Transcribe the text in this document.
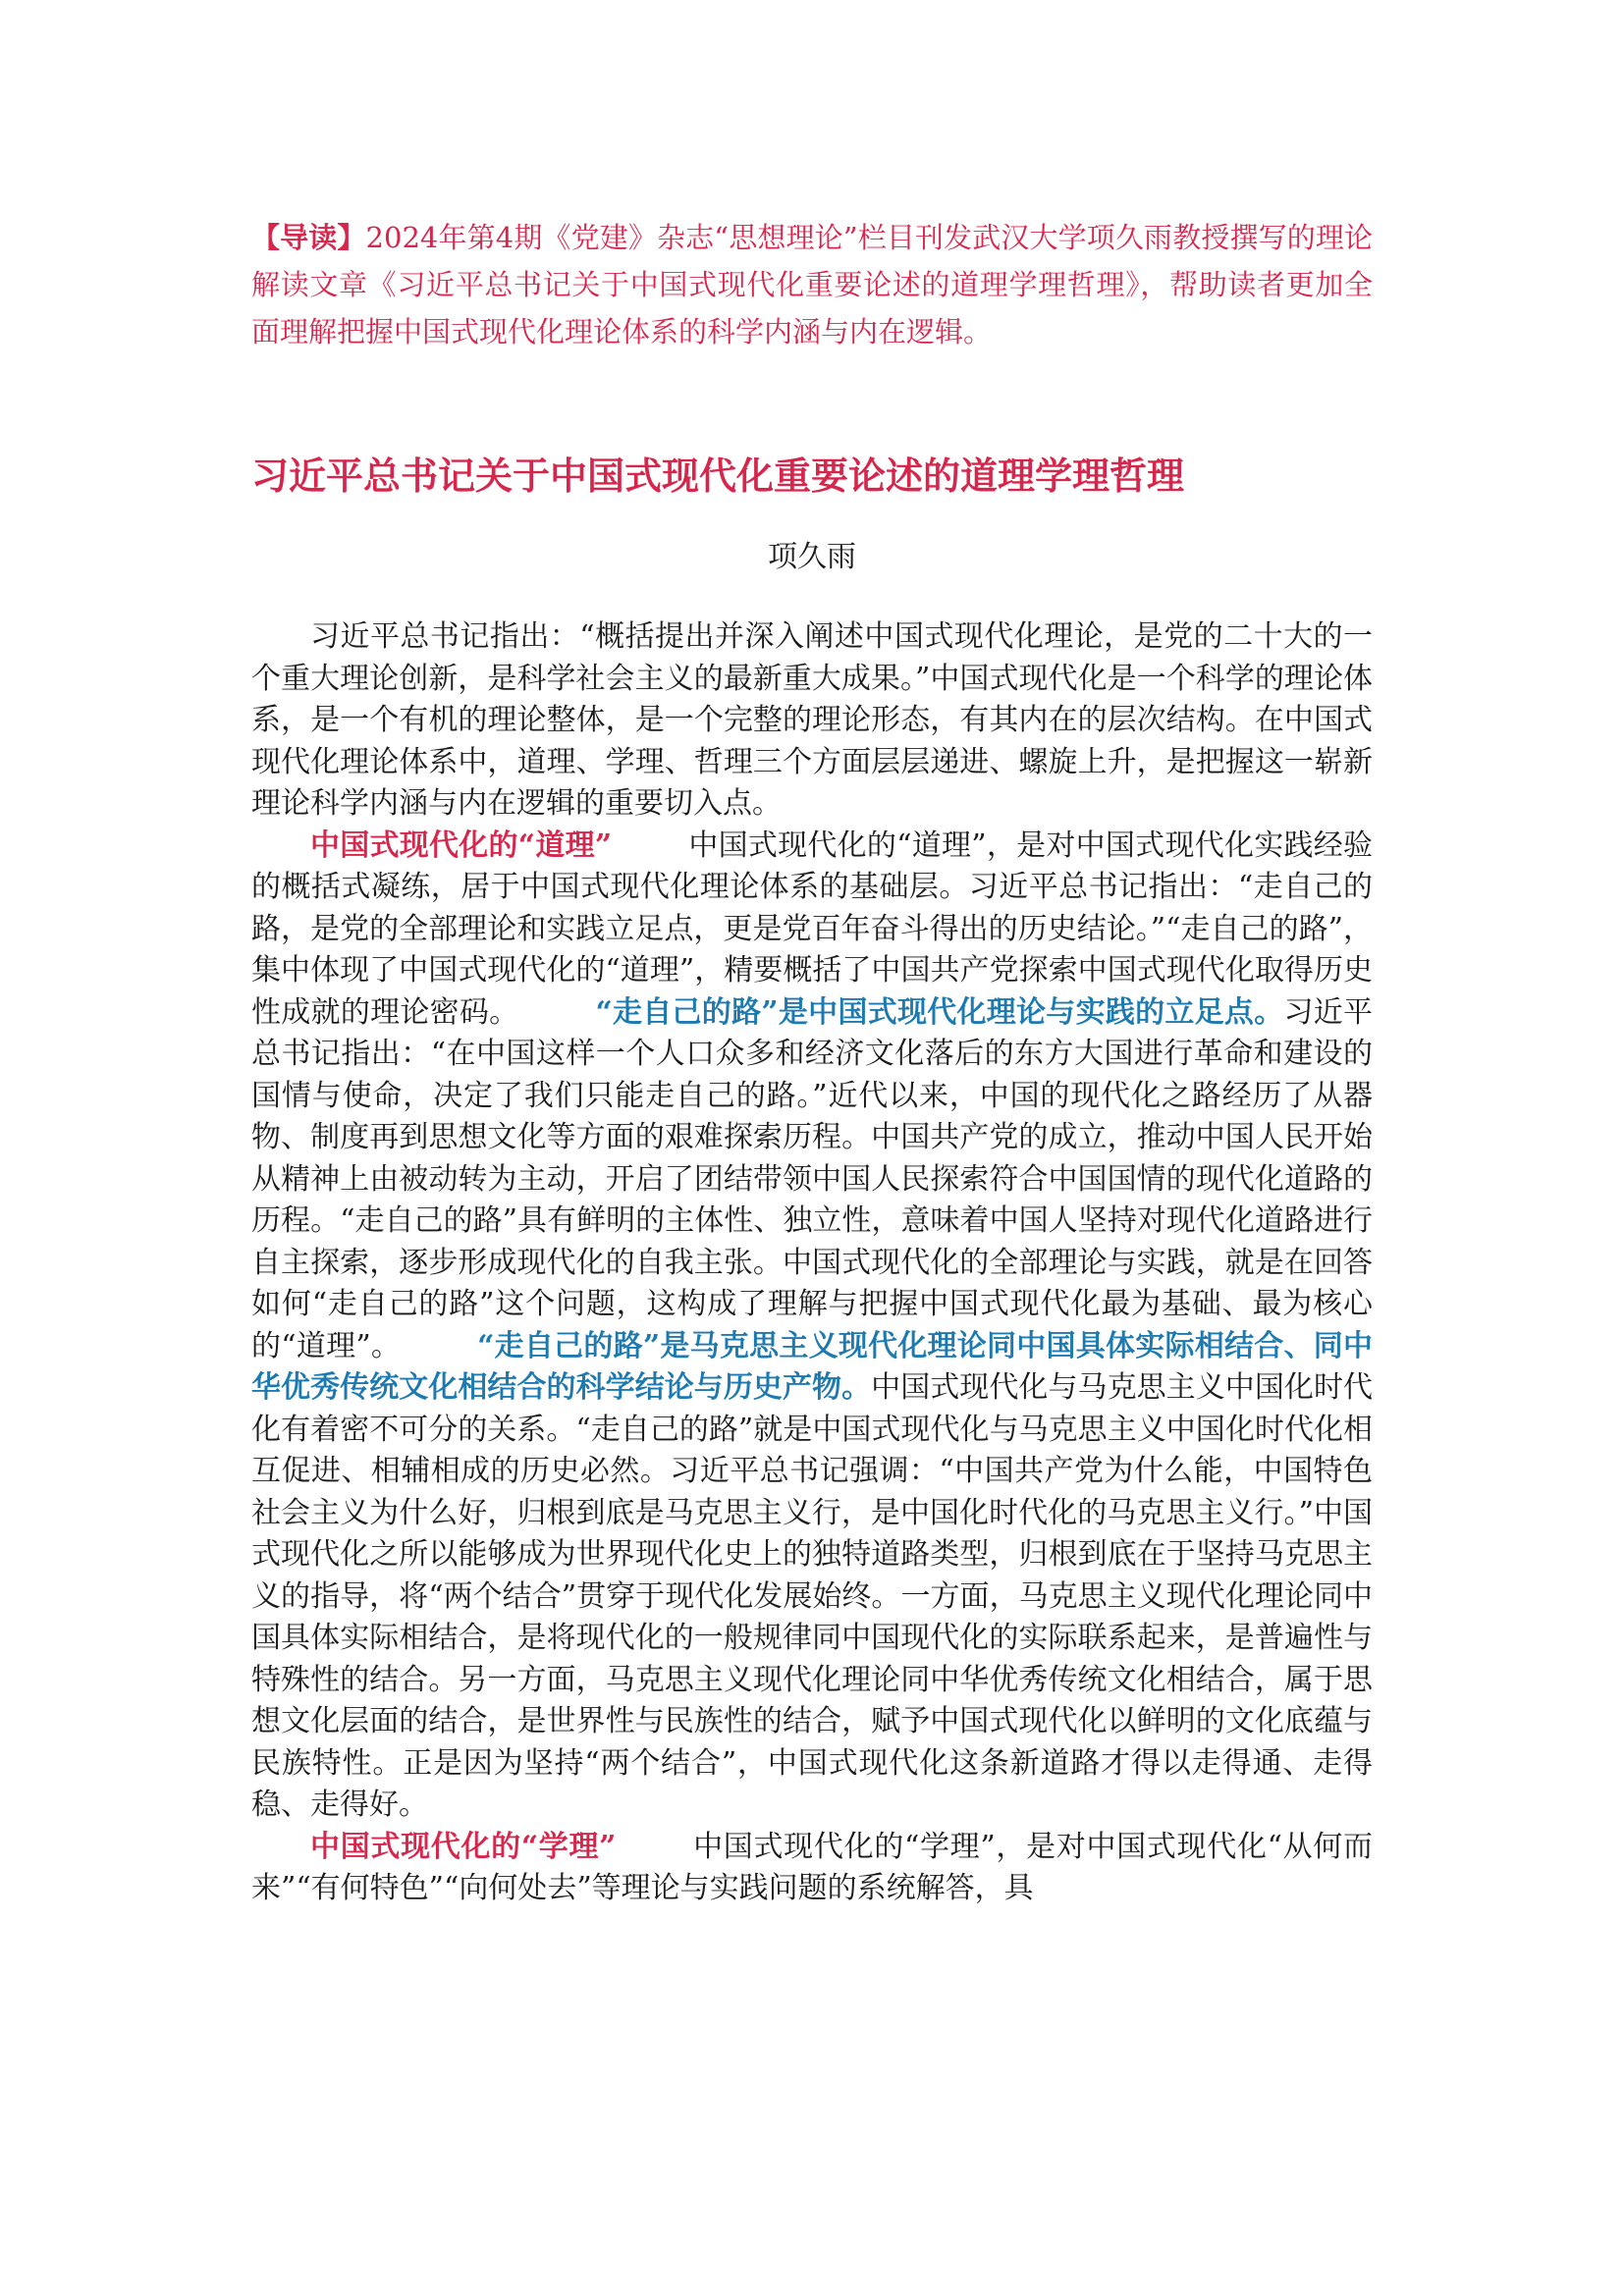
【导读】2024年第4期《党建》杂志“思想理论”栏目刊发武汉大学项久雨教授撰写的理论解读文章《习近平总书记关于中国式现代化重要论述的道理学理哲理》，帮助读者更加全面理解把握中国式现代化理论体系的科学内涵与内在逻辑。

习近平总书记关于中国式现代化重要论述的道理学理哲理
项久雨

习近平总书记指出：“概括提出并深入阐述中国式现代化理论，是党的二十大的一个重大理论创新，是科学社会主义的最新重大成果。”中国式现代化是一个科学的理论体系，是一个有机的理论整体，是一个完整的理论形态，有其内在的层次结构。在中国式现代化理论体系中，道理、学理、哲理三个方面层层递进、螺旋上升，是把握这一崭新理论科学内涵与内在逻辑的重要切入点。

中国式现代化的“道理”	中国式现代化的“道理”，是对中国式现代化实践经验的概括式凝练，居于中国式现代化理论体系的基础层。习近平总书记指出：“走自己的路，是党的全部理论和实践立足点，更是党百年奋斗得出的历史结论。”“走自己的路”，集中体现了中国式现代化的“道理”，精要概括了中国共产党探索中国式现代化取得历史性成就的理论密码。	“走自己的路”是中国式现代化理论与实践的立足点。习近平总书记指出：“在中国这样一个人口众多和经济文化落后的东方大国进行革命和建设的国情与使命，决定了我们只能走自己的路。”近代以来，中国的现代化之路经历了从器物、制度再到思想文化等方面的艰难探索历程。中国共产党的成立，推动中国人民开始从精神上由被动转为主动，开启了团结带领中国人民探索符合中国国情的现代化道路的历程。“走自己的路”具有鲜明的主体性、独立性，意味着中国人坚持对现代化道路进行自主探索，逐步形成现代化的自我主张。中国式现代化的全部理论与实践，就是在回答如何“走自己的路”这个问题，这构成了理解与把握中国式现代化最为基础、最为核心的“道理”。	“走自己的路”是马克思主义现代化理论同中国具体实际相结合、同中华优秀传统文化相结合的科学结论与历史产物。中国式现代化与马克思主义中国化时代化有着密不可分的关系。“走自己的路”就是中国式现代化与马克思主义中国化时代化相互促进、相辅相成的历史必然。习近平总书记强调：“中国共产党为什么能，中国特色社会主义为什么好，归根到底是马克思主义行，是中国化时代化的马克思主义行。”中国式现代化之所以能够成为世界现代化史上的独特道路类型，归根到底在于坚持马克思主义的指导，将“两个结合”贯穿于现代化发展始终。一方面，马克思主义现代化理论同中国具体实际相结合，是将现代化的一般规律同中国现代化的实际联系起来，是普遍性与特殊性的结合。另一方面，马克思主义现代化理论同中华优秀传统文化相结合，属于思想文化层面的结合，是世界性与民族性的结合，赋予中国式现代化以鲜明的文化底蕴与民族特性。正是因为坚持“两个结合”，中国式现代化这条新道路才得以走得通、走得稳、走得好。

中国式现代化的“学理”	中国式现代化的“学理”，是对中国式现代化“从何而来”“有何特色”“向何处去”等理论与实践问题的系统解答，具
